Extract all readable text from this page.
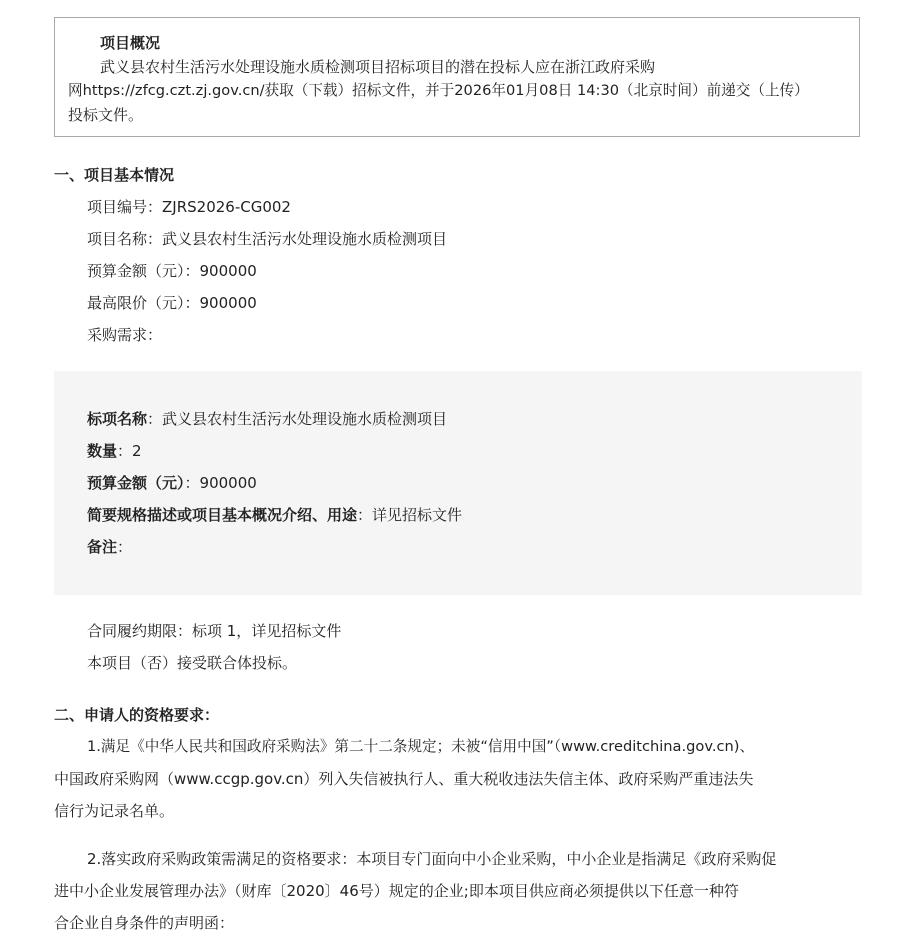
项目概况
武义县农村生活污水处理设施水质检测项目招标项目的潜在投标人应在浙江政府采购
网https://zfcg.czt.zj.gov.cn/获取（下载）招标文件，并于2026年01月08日 14:30（北京时间）前递交（上传）
投标文件。
一、项目基本情况
项目编号：ZJRS2026-CG002
项目名称：武义县农村生活污水处理设施水质检测项目
预算金额（元）：900000
最高限价（元）：900000
采购需求：
标项名称：武义县农村生活污水处理设施水质检测项目
数量：2
预算金额（元）：900000
简要规格描述或项目基本概况介绍、用途：详见招标文件
备注：
合同履约期限：标项 1，详见招标文件
本项目（否）接受联合体投标。
二、申请人的资格要求：
1.满足《中华人民共和国政府采购法》第二十二条规定；未被“信用中国”（www.creditchina.gov.cn)、
中国政府采购网（www.ccgp.gov.cn）列入失信被执行人、重大税收违法失信主体、政府采购严重违法失
信行为记录名单。
2.落实政府采购政策需满足的资格要求：本项目专门面向中小企业采购，中小企业是指满足《政府采购促
进中小企业发展管理办法》（财库〔2020〕46号）规定的企业;即本项目供应商必须提供以下任意一种符
合企业自身条件的声明函：
